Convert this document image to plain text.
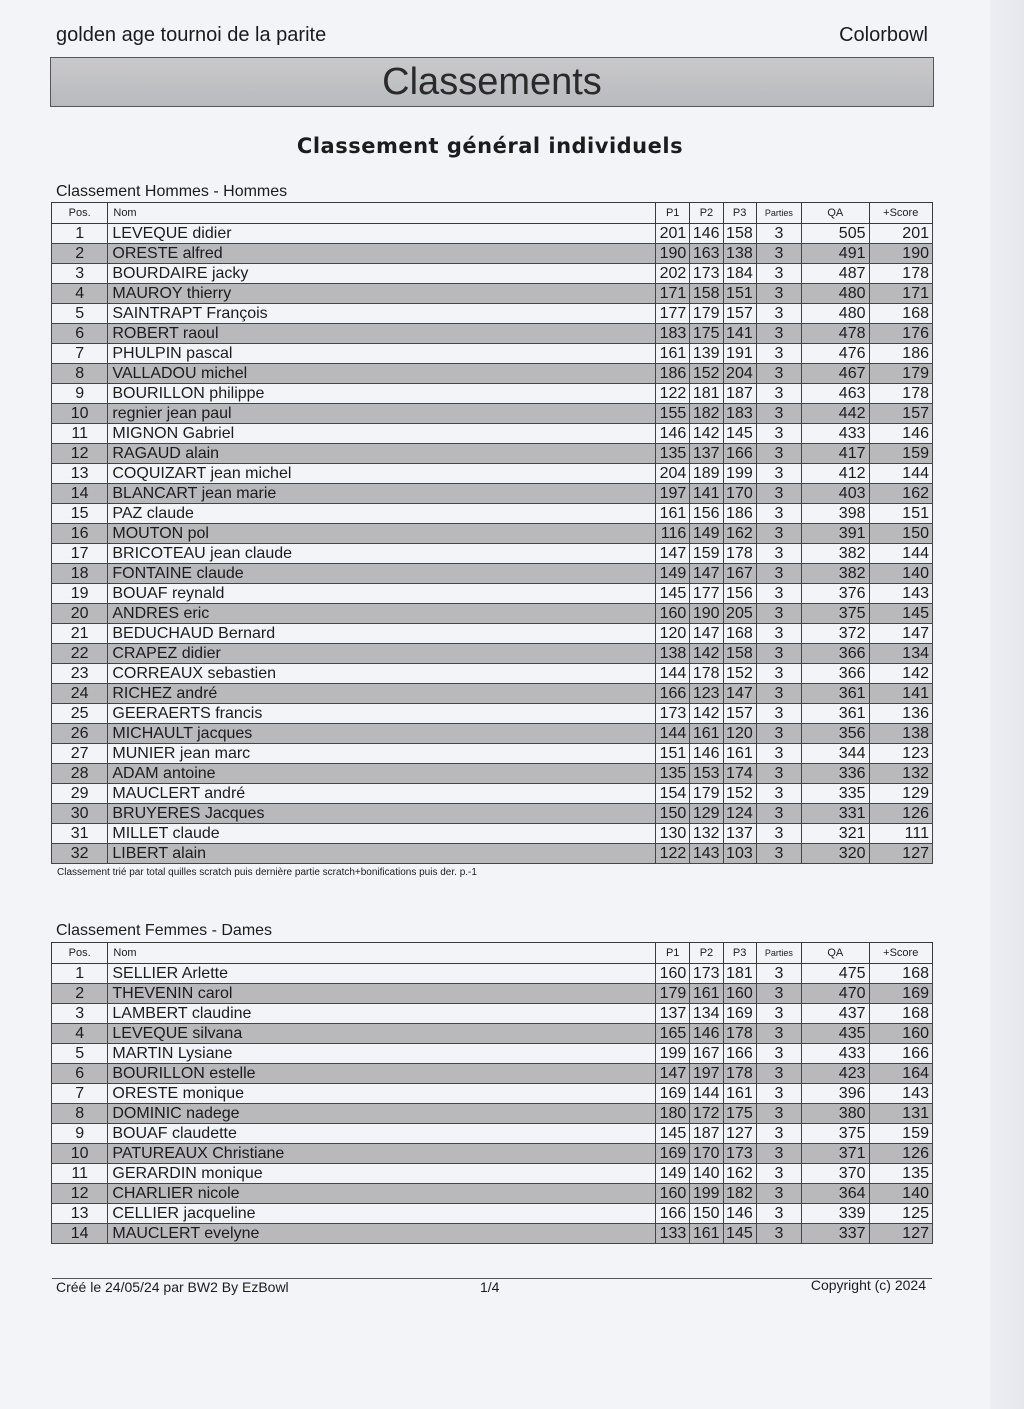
golden age tournoi de la parite	Colorbowl
Classements
Classement général individuels
Classement Hommes - Hommes
Pos.	Nom	P1	P2	P3	Parties	QA	+Score
1	LEVEQUE didier	201	146	158	3	505	201
2	ORESTE alfred	190	163	138	3	491	190
3	BOURDAIRE jacky	202	173	184	3	487	178
4	MAUROY thierry	171	158	151	3	480	171
5	SAINTRAPT François	177	179	157	3	480	168
6	ROBERT raoul	183	175	141	3	478	176
7	PHULPIN pascal	161	139	191	3	476	186
8	VALLADOU michel	186	152	204	3	467	179
9	BOURILLON philippe	122	181	187	3	463	178
10	regnier jean paul	155	182	183	3	442	157
11	MIGNON Gabriel	146	142	145	3	433	146
12	RAGAUD alain	135	137	166	3	417	159
13	COQUIZART jean michel	204	189	199	3	412	144
14	BLANCART jean marie	197	141	170	3	403	162
15	PAZ claude	161	156	186	3	398	151
16	MOUTON pol	116	149	162	3	391	150
17	BRICOTEAU jean claude	147	159	178	3	382	144
18	FONTAINE claude	149	147	167	3	382	140
19	BOUAF reynald	145	177	156	3	376	143
20	ANDRES eric	160	190	205	3	375	145
21	BEDUCHAUD Bernard	120	147	168	3	372	147
22	CRAPEZ didier	138	142	158	3	366	134
23	CORREAUX sebastien	144	178	152	3	366	142
24	RICHEZ andré	166	123	147	3	361	141
25	GEERAERTS francis	173	142	157	3	361	136
26	MICHAULT jacques	144	161	120	3	356	138
27	MUNIER jean marc	151	146	161	3	344	123
28	ADAM antoine	135	153	174	3	336	132
29	MAUCLERT andré	154	179	152	3	335	129
30	BRUYERES Jacques	150	129	124	3	331	126
31	MILLET claude	130	132	137	3	321	111
32	LIBERT alain	122	143	103	3	320	127
Classement trié par total quilles scratch puis dernière partie scratch+bonifications puis der. p.-1
Classement Femmes - Dames
Pos.	Nom	P1	P2	P3	Parties	QA	+Score
1	SELLIER Arlette	160	173	181	3	475	168
2	THEVENIN carol	179	161	160	3	470	169
3	LAMBERT claudine	137	134	169	3	437	168
4	LEVEQUE silvana	165	146	178	3	435	160
5	MARTIN Lysiane	199	167	166	3	433	166
6	BOURILLON estelle	147	197	178	3	423	164
7	ORESTE monique	169	144	161	3	396	143
8	DOMINIC nadege	180	172	175	3	380	131
9	BOUAF claudette	145	187	127	3	375	159
10	PATUREAUX Christiane	169	170	173	3	371	126
11	GERARDIN monique	149	140	162	3	370	135
12	CHARLIER nicole	160	199	182	3	364	140
13	CELLIER jacqueline	166	150	146	3	339	125
14	MAUCLERT evelyne	133	161	145	3	337	127
Créé le 24/05/24 par BW2 By EzBowl	1/4	Copyright (c) 2024
